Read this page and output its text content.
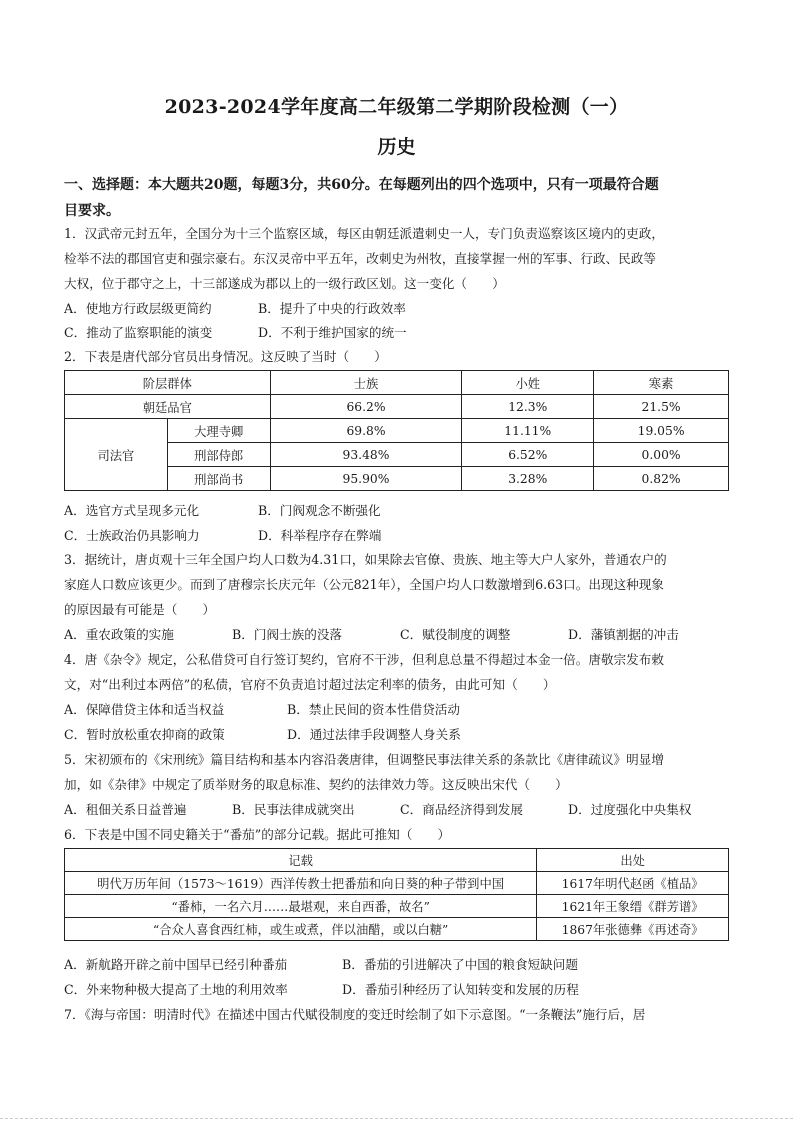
2023-2024学年度高二年级第二学期阶段检测（一）
历史
一、选择题：本大题共20题，每题3分，共60分。在每题列出的四个选项中，只有一项最符合题
目要求。
1．汉武帝元封五年，全国分为十三个监察区域，每区由朝廷派遣刺史一人，专门负责巡察该区境内的吏政，
检举不法的郡国官吏和强宗豪右。东汉灵帝中平五年，改刺史为州牧，直接掌握一州的军事、行政、民政等
大权，位于郡守之上，十三部遂成为郡以上的一级行政区划。这一变化（　　）
A．使地方行政层级更简约	B．提升了中央的行政效率
C．推动了监察职能的演变	D．不利于维护国家的统一
2．下表是唐代部分官员出身情况。这反映了当时（　　）
阶层群体		士族	小姓	寒素
朝廷品官		66.2%	12.3%	21.5%
司法官	大理寺卿	69.8%	11.11%	19.05%
	刑部侍郎	93.48%	6.52%	0.00%
	刑部尚书	95.90%	3.28%	0.82%
A．选官方式呈现多元化	B．门阀观念不断强化
C．士族政治仍具影响力	D．科举程序存在弊端
3．据统计，唐贞观十三年全国户均人口数为4.31口，如果除去官僚、贵族、地主等大户人家外，普通农户的
家庭人口数应该更少。而到了唐穆宗长庆元年（公元821年），全国户均人口数激增到6.63口。出现这种现象
的原因最有可能是（　　）
A．重农政策的实施	B．门阀士族的没落	C．赋役制度的调整	D．藩镇割据的冲击
4．唐《杂令》规定，公私借贷可自行签订契约，官府不干涉，但利息总量不得超过本金一倍。唐敬宗发布敕
文，对“出利过本两倍”的私债，官府不负责追讨超过法定利率的债务，由此可知（　　）
A．保障借贷主体和适当权益	B．禁止民间的资本性借贷活动
C．暂时放松重农抑商的政策	D．通过法律手段调整人身关系
5．宋初颁布的《宋刑统》篇目结构和基本内容沿袭唐律，但调整民事法律关系的条款比《唐律疏议》明显增
加，如《杂律》中规定了质举财务的取息标准、契约的法律效力等。这反映出宋代（　　）
A．租佃关系日益普遍	B．民事法律成就突出	C．商品经济得到发展	D．过度强化中央集权
6．下表是中国不同史籍关于“番茄”的部分记载。据此可推知（　　）
记载	出处
明代万历年间（1573～1619）西洋传教士把番茄和向日葵的种子带到中国	1617年明代赵函《植品》
“番柿，一名六月……最堪观，来自西番，故名”	1621年王象缙《群芳谱》
“合众人喜食西红柿，或生或煮，伴以油醋，或以白糖”	1867年张德彝《再述奇》
A．新航路开辟之前中国早已经引种番茄	B．番茄的引进解决了中国的粮食短缺问题
C．外来物种极大提高了土地的利用效率	D．番茄引种经历了认知转变和发展的历程
7．《海与帝国：明清时代》在描述中国古代赋役制度的变迁时绘制了如下示意图。“一条鞭法”施行后，居
